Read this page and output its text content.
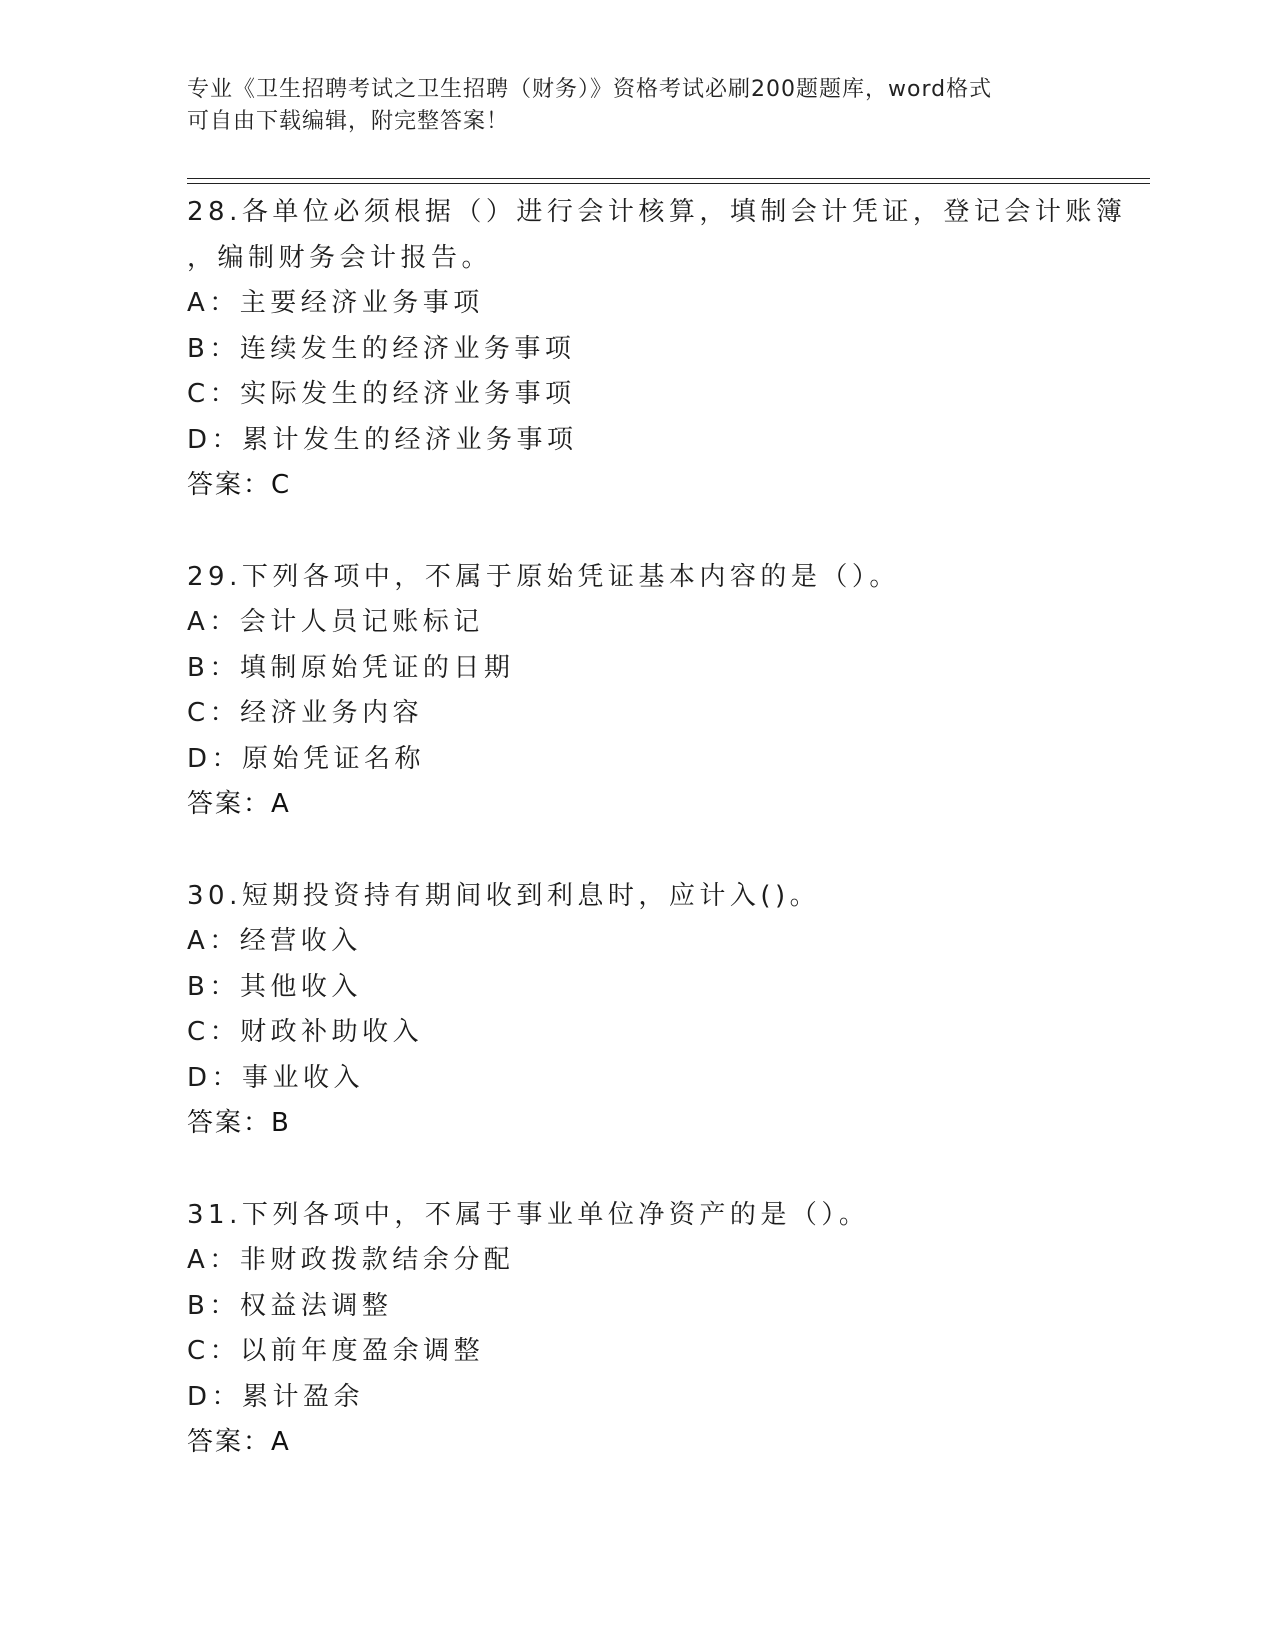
专业《卫生招聘考试之卫生招聘（财务）》资格考试必刷200题题库，word格式
可自由下载编辑，附完整答案！
28.各单位必须根据（）进行会计核算，填制会计凭证，登记会计账簿
，编制财务会计报告。
A：主要经济业务事项
B：连续发生的经济业务事项
C：实际发生的经济业务事项
D：累计发生的经济业务事项
答案：C
29.下列各项中，不属于原始凭证基本内容的是（）。
A：会计人员记账标记
B：填制原始凭证的日期
C：经济业务内容
D：原始凭证名称
答案：A
30.短期投资持有期间收到利息时，应计入()。
A：经营收入
B：其他收入
C：财政补助收入
D：事业收入
答案：B
31.下列各项中，不属于事业单位净资产的是（）。
A：非财政拨款结余分配
B：权益法调整
C：以前年度盈余调整
D：累计盈余
答案：A
